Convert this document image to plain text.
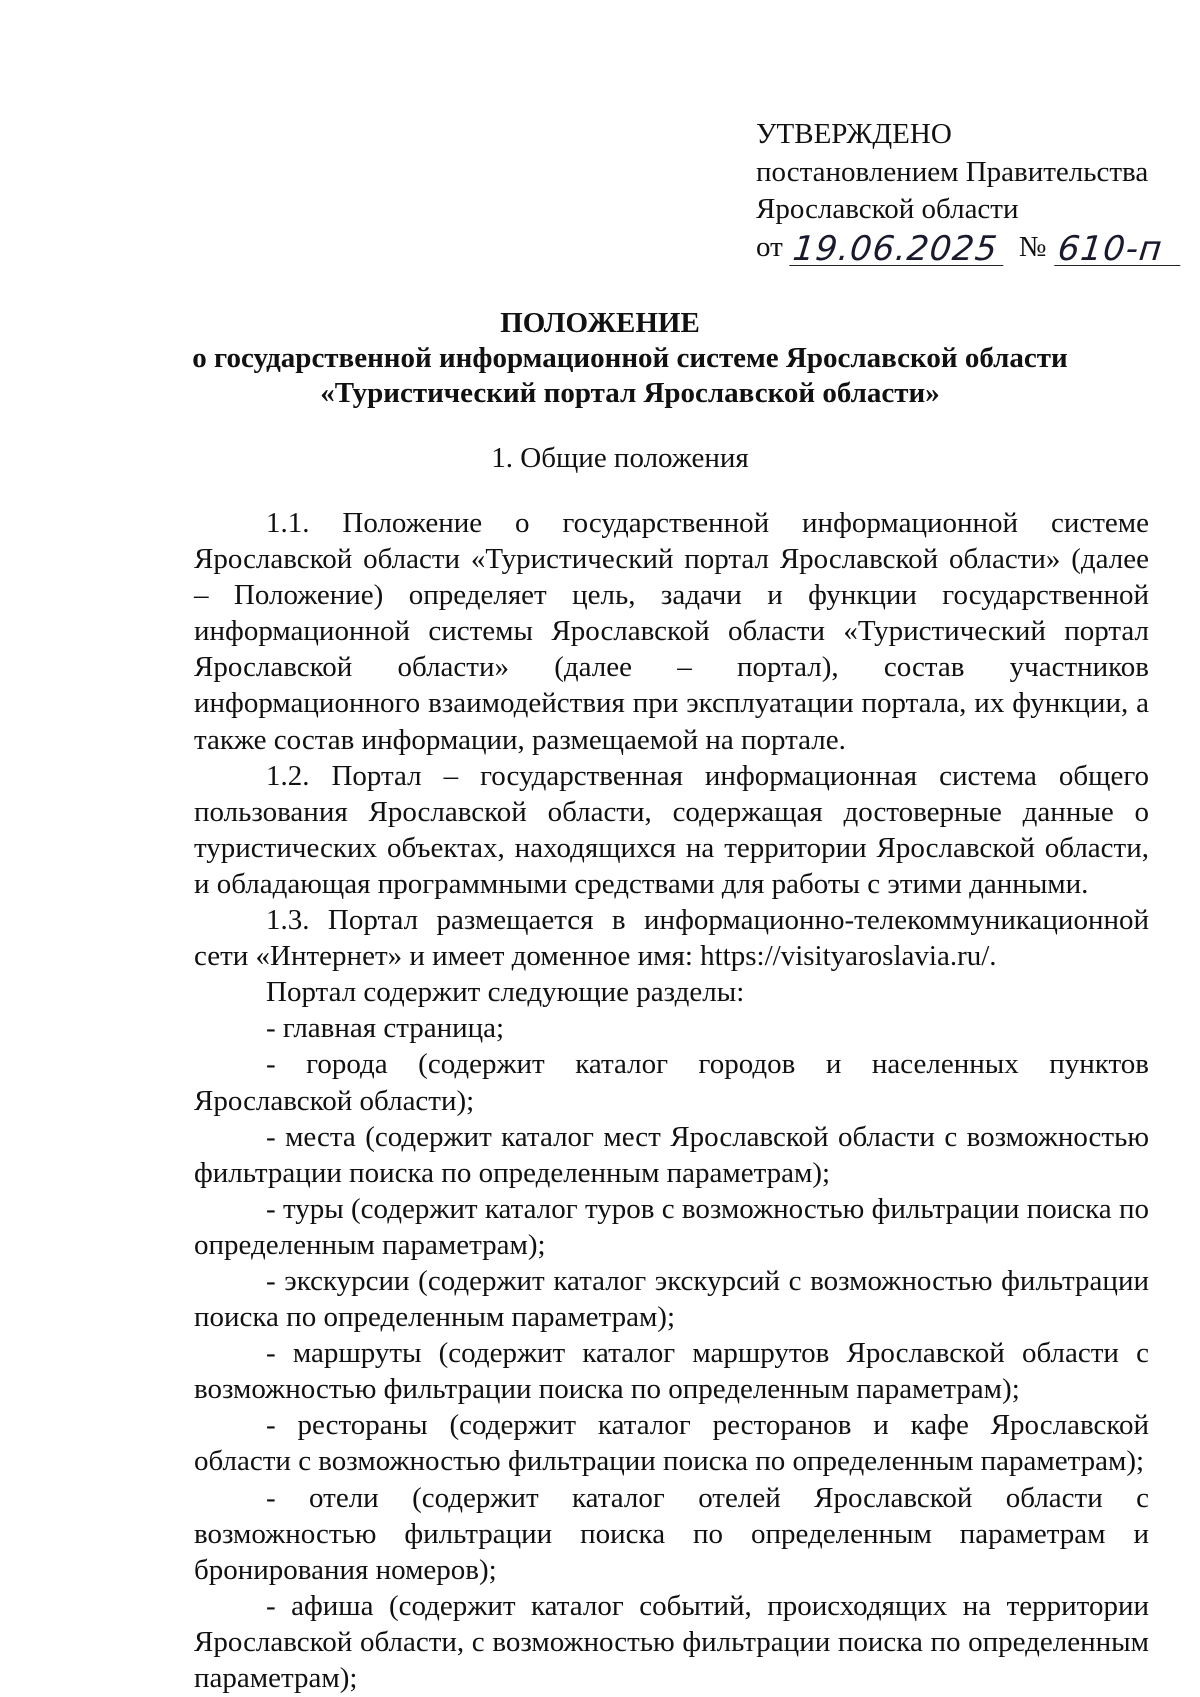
УТВЕРЖДЕНО
постановлением Правительства
Ярославской области
от 19.06.2025 № 610-п
ПОЛОЖЕНИЕ
о государственной информационной системе Ярославской области
«Туристический портал Ярославской области»
1. Общие положения

1.1. Положение о государственной информационной системе Ярославской области «Туристический портал Ярославской области» (далее – Положение) определяет цель, задачи и функции государственной информационной системы Ярославской области «Туристический портал Ярославской области» (далее – портал), состав участников информационного взаимодействия при эксплуатации портала, их функции, а также состав информации, размещаемой на портале.

1.2. Портал – государственная информационная система общего пользования Ярославской области, содержащая достоверные данные о туристических объектах, находящихся на территории Ярославской области, и обладающая программными средствами для работы с этими данными.

1.3. Портал размещается в информационно-телекоммуникационной сети «Интернет» и имеет доменное имя: https://visityaroslavia.ru/.

Портал содержит следующие разделы:

- главная страница;

- города (содержит каталог городов и населенных пунктов Ярославской области);

- места (содержит каталог мест Ярославской области с возможностью фильтрации поиска по определенным параметрам);

- туры (содержит каталог туров с возможностью фильтрации поиска по определенным параметрам);

- экскурсии (содержит каталог экскурсий с возможностью фильтрации поиска по определенным параметрам);

- маршруты (содержит каталог маршрутов Ярославской области с возможностью фильтрации поиска по определенным параметрам);

- рестораны (содержит каталог ресторанов и кафе Ярославской области с возможностью фильтрации поиска по определенным параметрам);

- отели (содержит каталог отелей Ярославской области с возможностью фильтрации поиска по определенным параметрам и бронирования номеров);

- афиша (содержит каталог событий, происходящих на территории Ярославской области, с возможностью фильтрации поиска по определенным параметрам);
